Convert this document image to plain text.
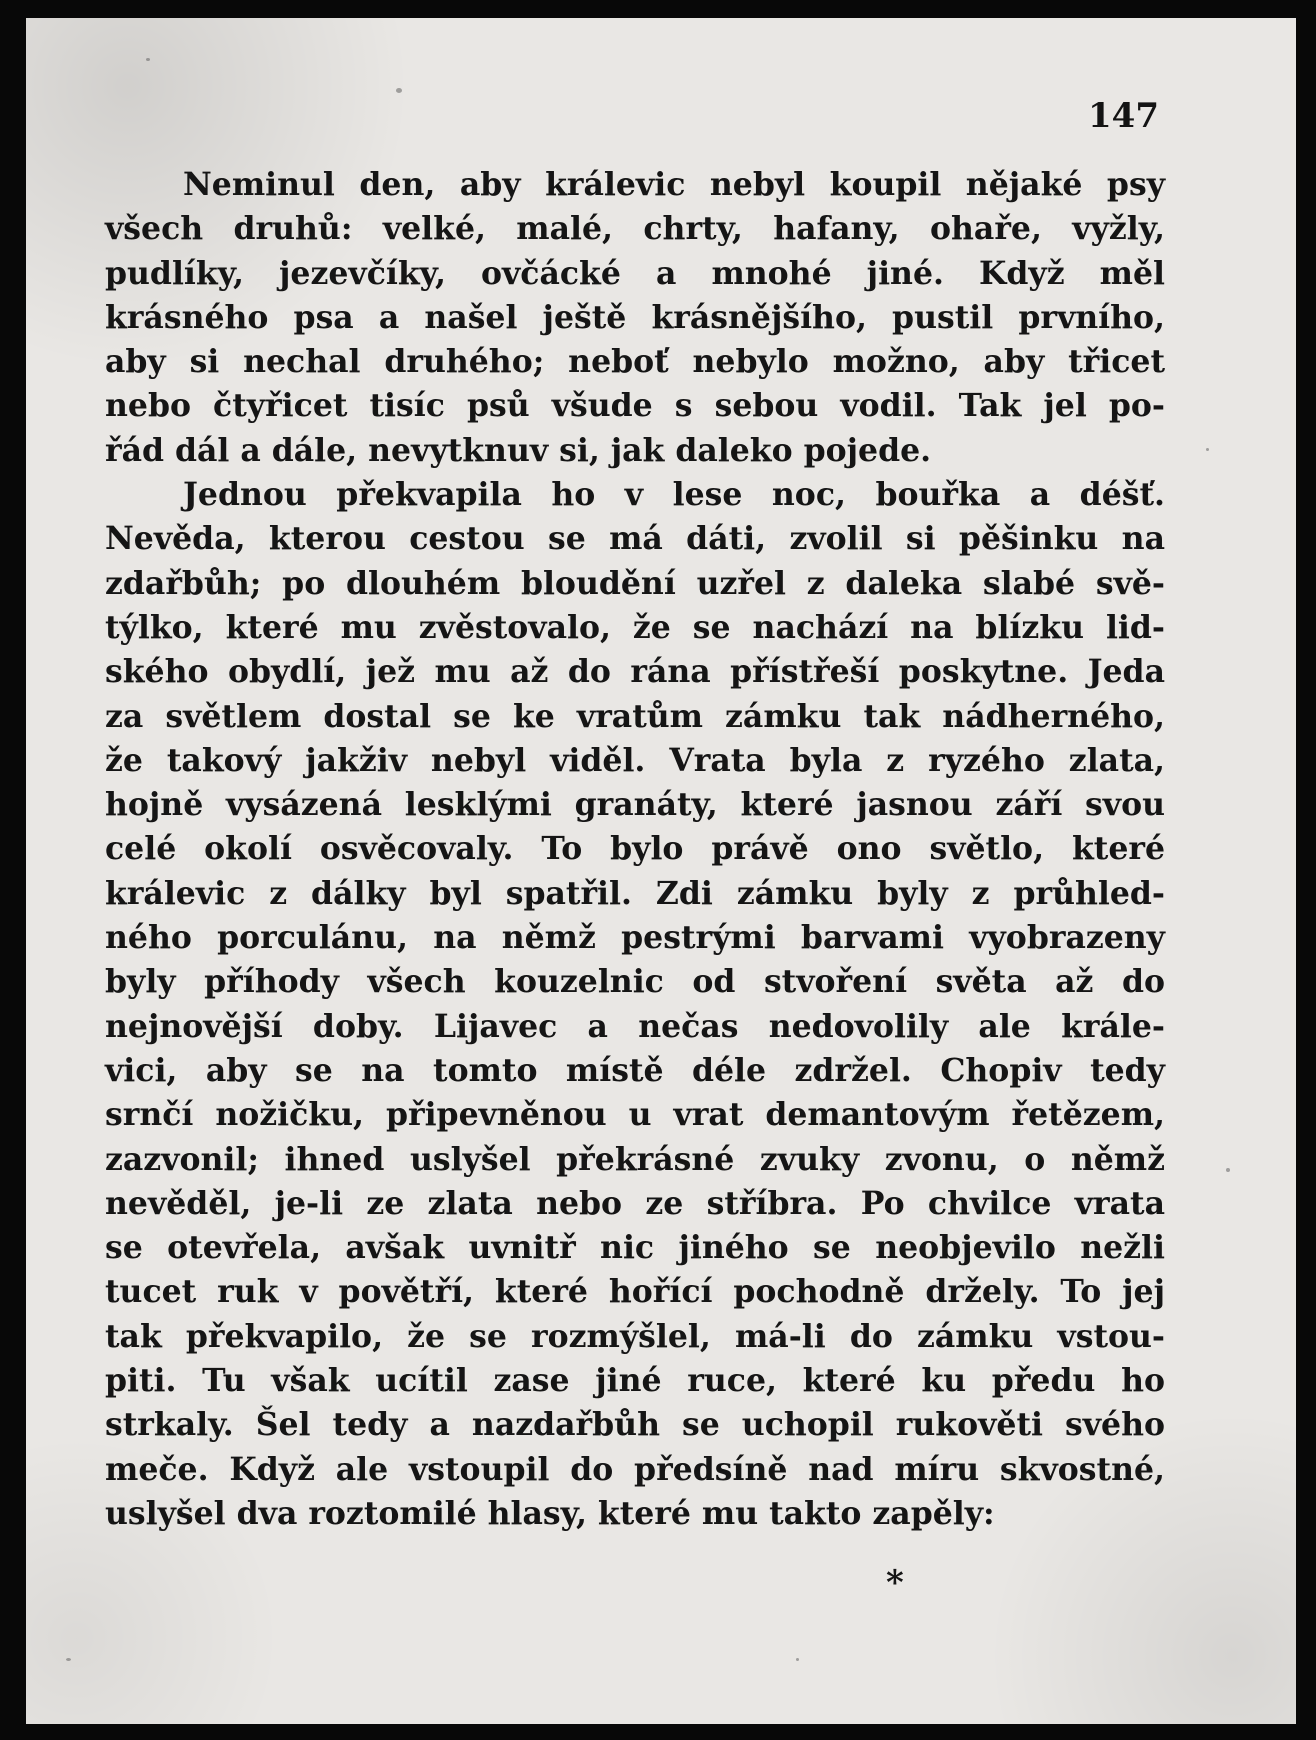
147
Neminul den, aby králevic nebyl koupil nějaké psy
všech druhů: velké, malé, chrty, hafany, ohaře, vyžly,
pudlíky, jezevčíky, ovčácké a mnohé jiné. Když měl
krásného psa a našel ještě krásnějšího, pustil prvního,
aby si nechal druhého; neboť nebylo možno, aby třicet
nebo čtyřicet tisíc psů všude s sebou vodil. Tak jel po-
řád dál a dále, nevytknuv si, jak daleko pojede.
Jednou překvapila ho v lese noc, bouřka a déšť.
Nevěda, kterou cestou se má dáti, zvolil si pěšinku na
zdařbůh; po dlouhém bloudění uzřel z daleka slabé svě-
týlko, které mu zvěstovalo, že se nachází na blízku lid-
ského obydlí, jež mu až do rána přístřeší poskytne. Jeda
za světlem dostal se ke vratům zámku tak nádherného,
že takový jakživ nebyl viděl. Vrata byla z ryzého zlata,
hojně vysázená lesklými granáty, které jasnou září svou
celé okolí osvěcovaly. To bylo právě ono světlo, které
králevic z dálky byl spatřil. Zdi zámku byly z průhled-
ného porculánu, na němž pestrými barvami vyobrazeny
byly příhody všech kouzelnic od stvoření světa až do
nejnovější doby. Lijavec a nečas nedovolily ale krále-
vici, aby se na tomto místě déle zdržel. Chopiv tedy
srnčí nožičku, připevněnou u vrat demantovým řetězem,
zazvonil; ihned uslyšel překrásné zvuky zvonu, o němž
nevěděl, je-li ze zlata nebo ze stříbra. Po chvilce vrata
se otevřela, avšak uvnitř nic jiného se neobjevilo nežli
tucet ruk v povětří, které hořící pochodně držely. To jej
tak překvapilo, že se rozmýšlel, má-li do zámku vstou-
piti. Tu však ucítil zase jiné ruce, které ku předu ho
strkaly. Šel tedy a nazdařbůh se uchopil rukověti svého
meče. Když ale vstoupil do předsíně nad míru skvostné,
uslyšel dva roztomilé hlasy, které mu takto zapěly:
*
